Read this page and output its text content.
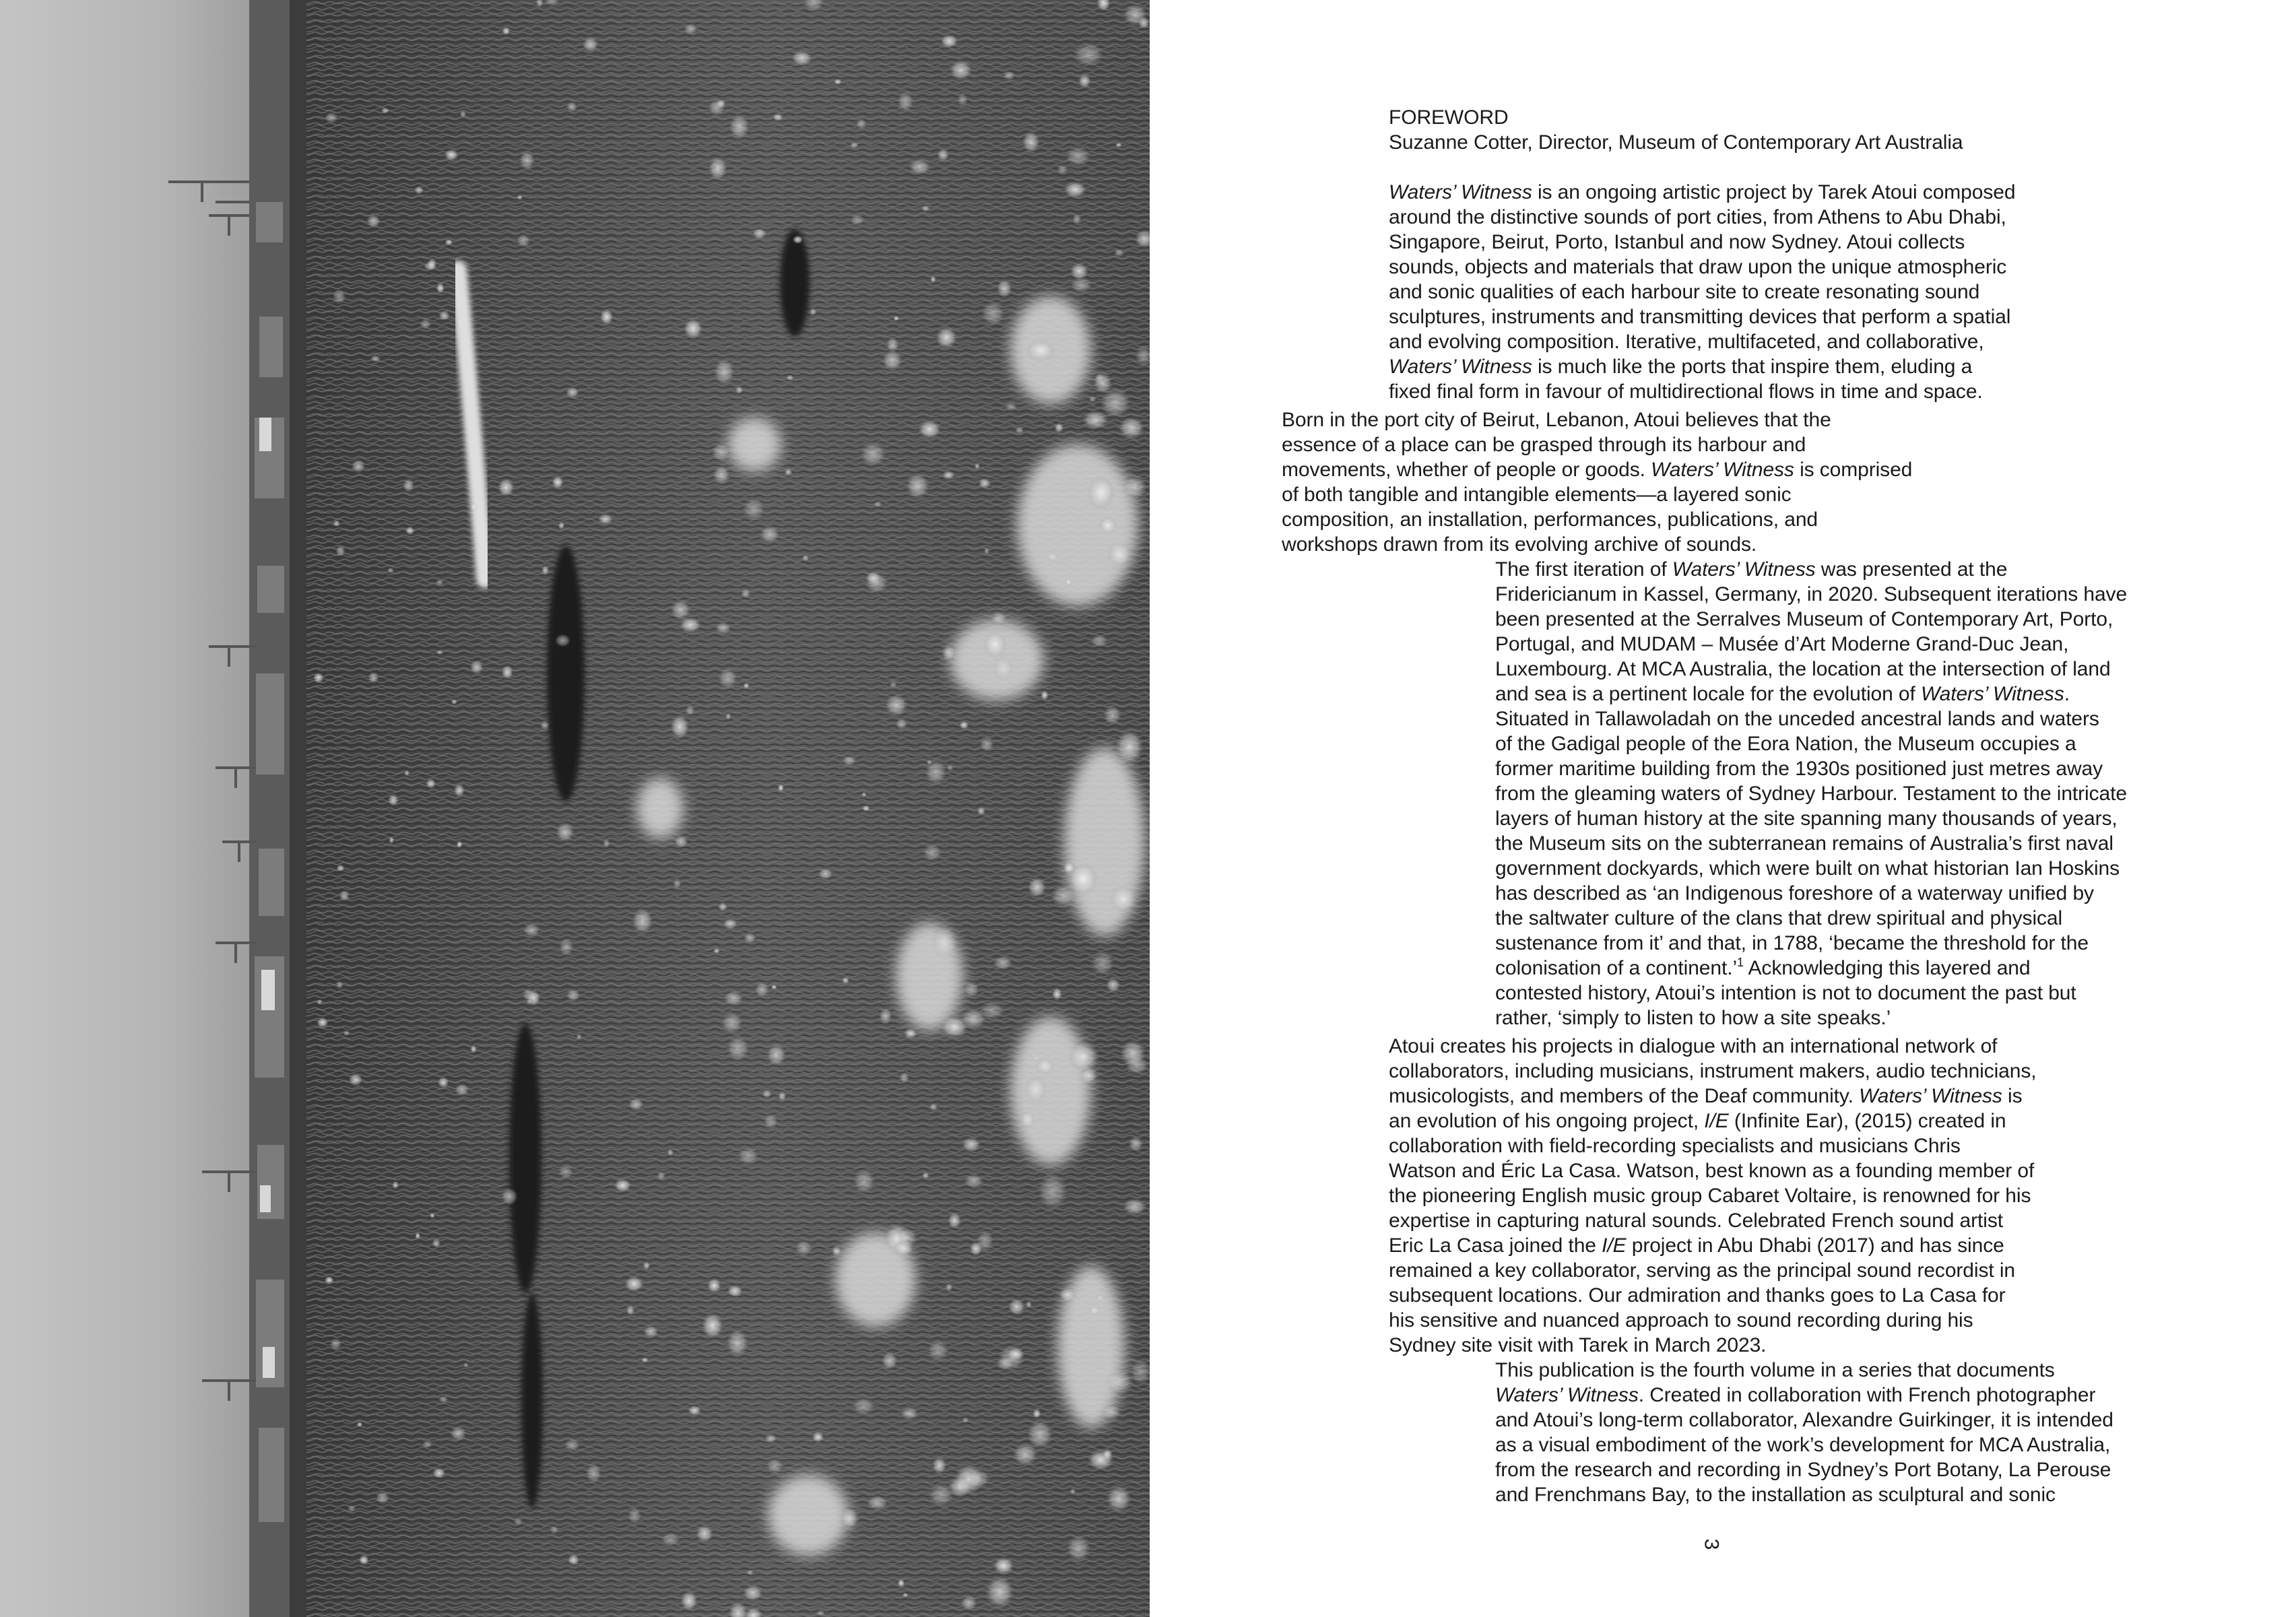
FOREWORD

Suzanne Cotter, Director, Museum of Contemporary Art Australia

Waters’ Witness is an ongoing artistic project by Tarek Atoui composed

around the distinctive sounds of port cities, from Athens to Abu Dhabi,

Singapore, Beirut, Porto, Istanbul and now Sydney. Atoui collects

sounds, objects and materials that draw upon the unique atmospheric

and sonic qualities of each harbour site to create resonating sound

sculptures, instruments and transmitting devices that perform a spatial

and evolving composition. Iterative, multifaceted, and collaborative,

Waters’ Witness is much like the ports that inspire them, eluding a

fixed final form in favour of multidirectional flows in time and space.

Born in the port city of Beirut, Lebanon, Atoui believes that the

essence of a place can be grasped through its harbour and

movements, whether of people or goods. Waters’ Witness is comprised

of both tangible and intangible elements—a layered sonic

composition, an installation, performances, publications, and

workshops drawn from its evolving archive of sounds.

The first iteration of Waters’ Witness was presented at the

Fridericianum in Kassel, Germany, in 2020. Subsequent iterations have

been presented at the Serralves Museum of Contemporary Art, Porto,

Portugal, and MUDAM – Musée d’Art Moderne Grand-Duc Jean,

Luxembourg. At MCA Australia, the location at the intersection of land

and sea is a pertinent locale for the evolution of Waters’ Witness.

Situated in Tallawoladah on the unceded ancestral lands and waters

of the Gadigal people of the Eora Nation, the Museum occupies a

former maritime building from the 1930s positioned just metres away

from the gleaming waters of Sydney Harbour. Testament to the intricate

layers of human history at the site spanning many thousands of years,

the Museum sits on the subterranean remains of Australia’s first naval

government dockyards, which were built on what historian Ian Hoskins

has described as ‘an Indigenous foreshore of a waterway unified by

the saltwater culture of the clans that drew spiritual and physical

sustenance from it’ and that, in 1788, ‘became the threshold for the

colonisation of a continent.’$^1$ Acknowledging this layered and

contested history, Atoui’s intention is not to document the past but

rather, ‘simply to listen to how a site speaks.’

Atoui creates his projects in dialogue with an international network of

collaborators, including musicians, instrument makers, audio technicians,

musicologists, and members of the Deaf community. Waters’ Witness is

an evolution of his ongoing project, I/E (Infinite Ear), (2015) created in

collaboration with field-recording specialists and musicians Chris

Watson and Éric La Casa. Watson, best known as a founding member of

the pioneering English music group Cabaret Voltaire, is renowned for his

expertise in capturing natural sounds. Celebrated French sound artist

Eric La Casa joined the I/E project in Abu Dhabi (2017) and has since

remained a key collaborator, serving as the principal sound recordist in

subsequent locations. Our admiration and thanks goes to La Casa for

his sensitive and nuanced approach to sound recording during his

Sydney site visit with Tarek in March 2023.

This publication is the fourth volume in a series that documents

Waters’ Witness. Created in collaboration with French photographer

and Atoui’s long-term collaborator, Alexandre Guirkinger, it is intended

as a visual embodiment of the work’s development for MCA Australia,

from the research and recording in Sydney’s Port Botany, La Perouse

and Frenchmans Bay, to the installation as sculptural and sonic

3
